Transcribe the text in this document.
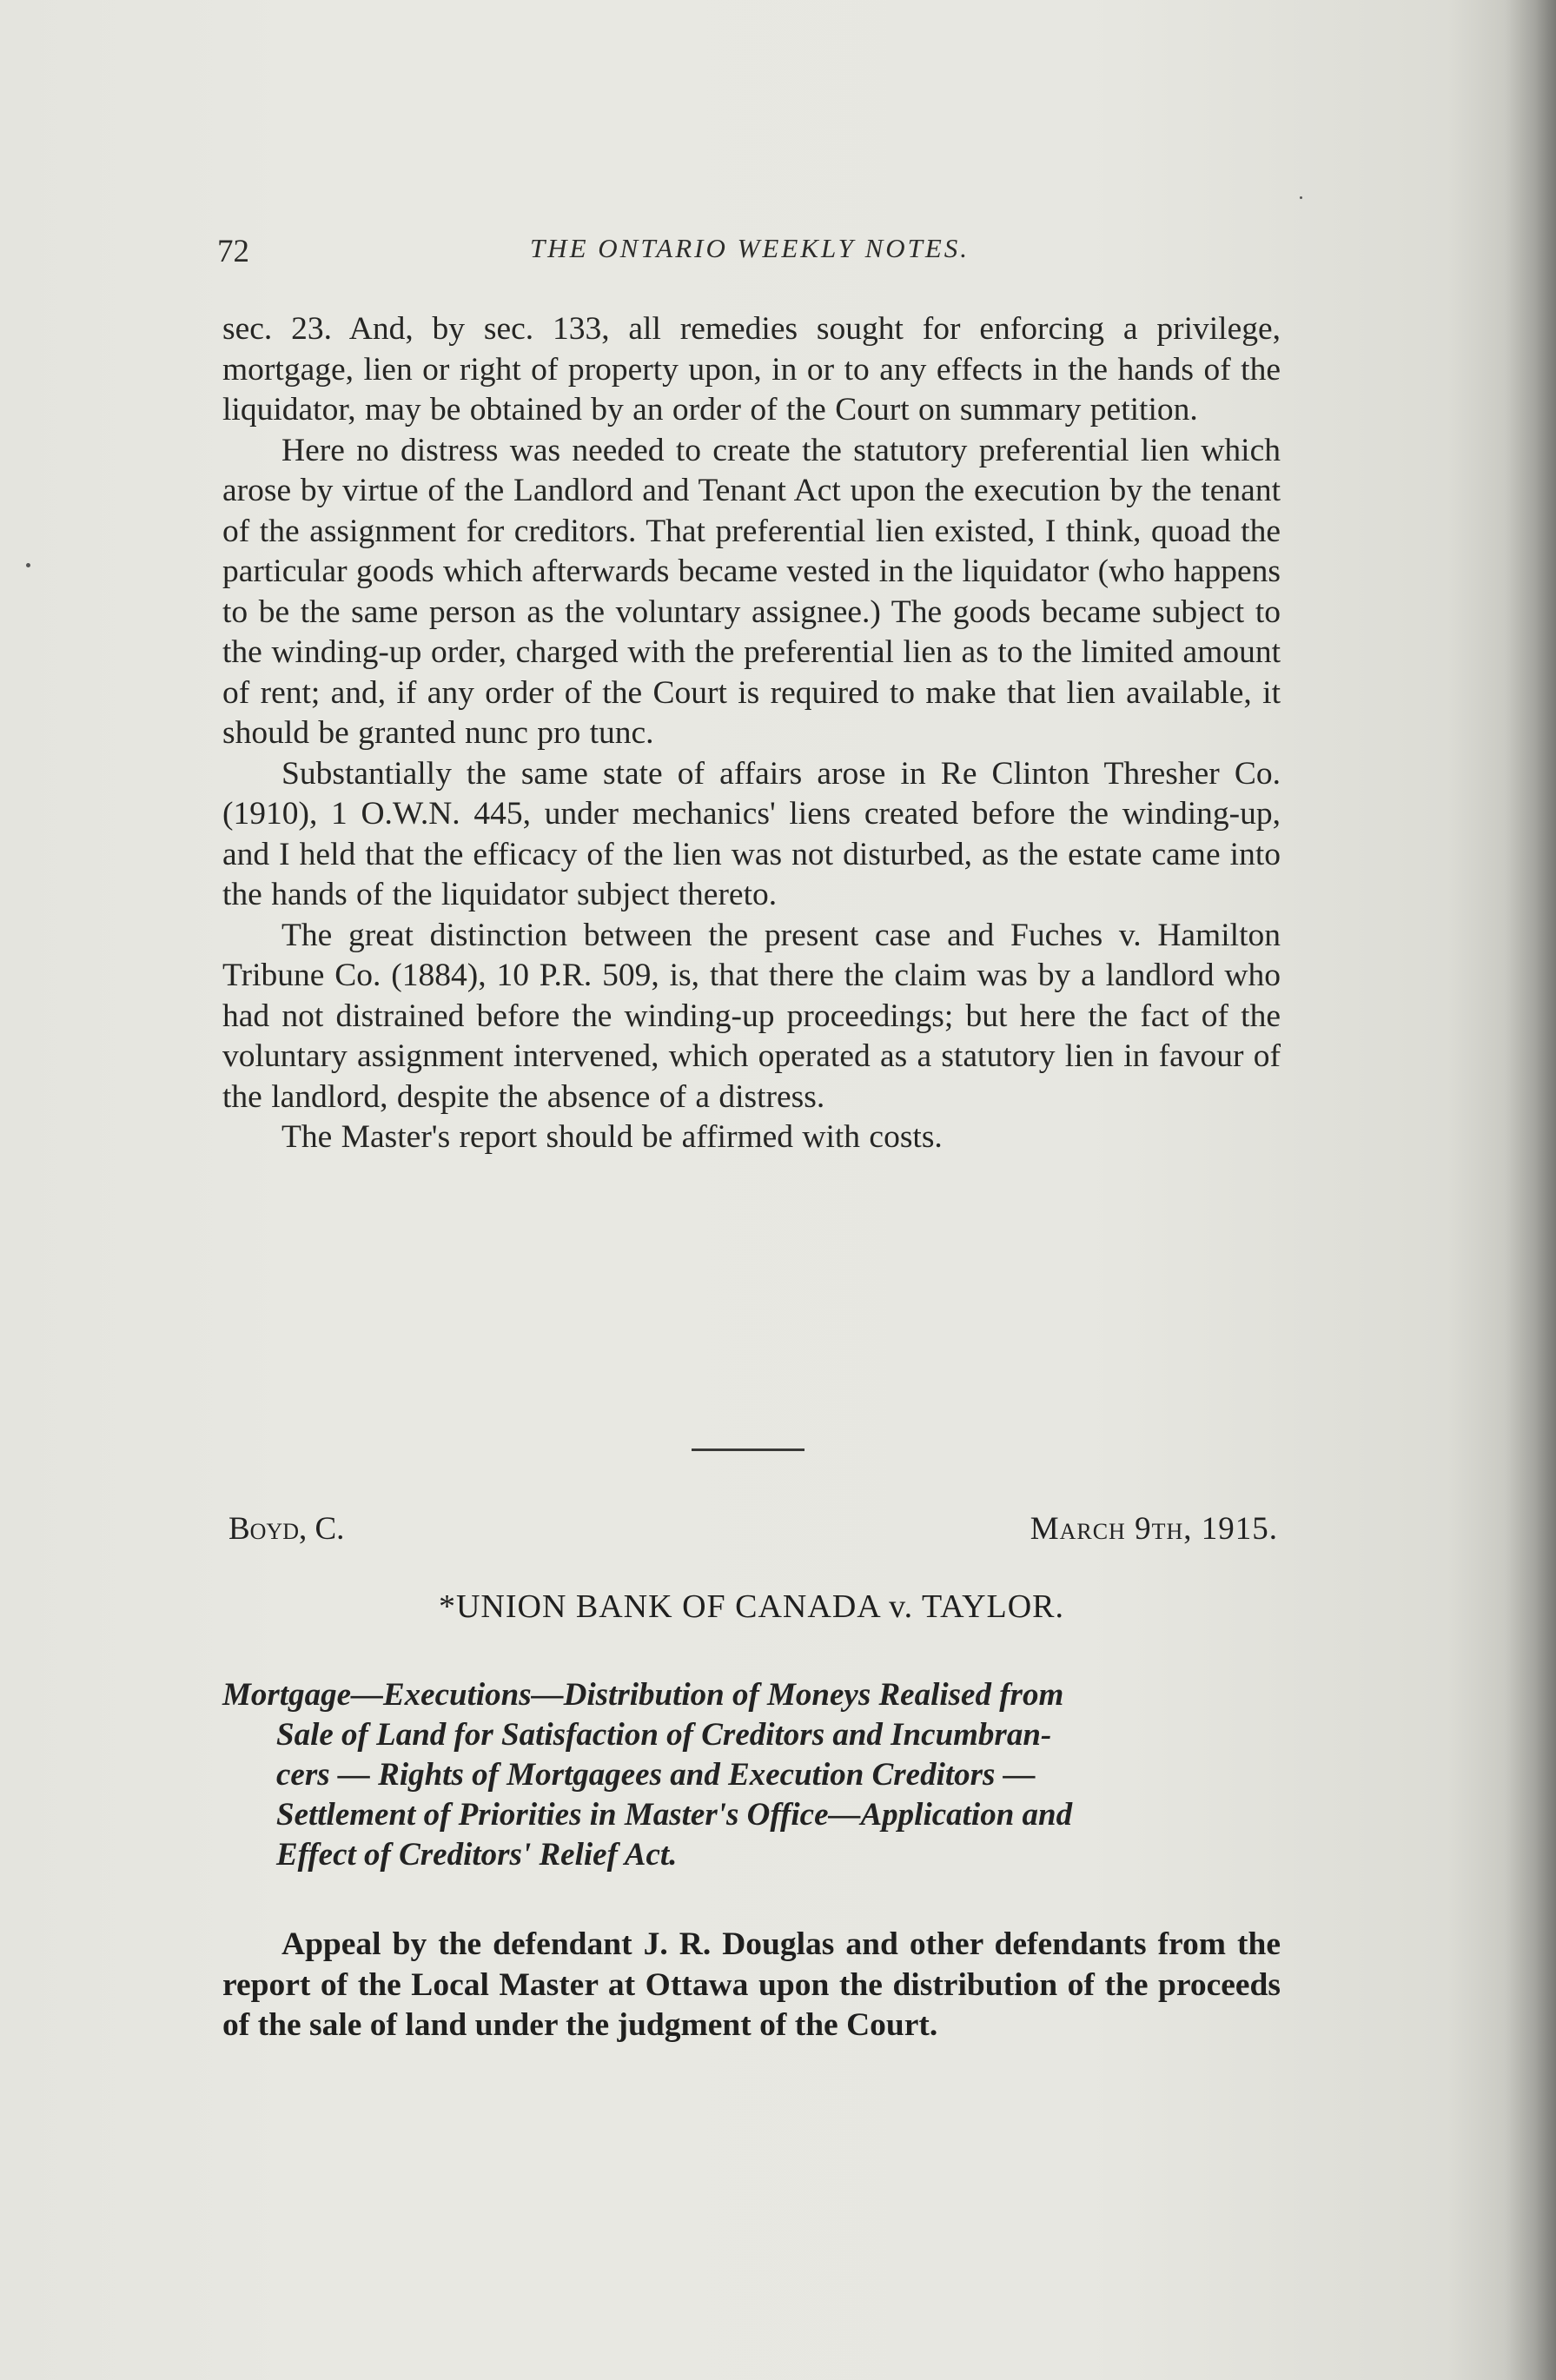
72	THE ONTARIO WEEKLY NOTES.

sec. 23. And, by sec. 133, all remedies sought for enforcing a privilege, mortgage, lien or right of property upon, in or to any effects in the hands of the liquidator, may be obtained by an order of the Court on summary petition.

Here no distress was needed to create the statutory preferential lien which arose by virtue of the Landlord and Tenant Act upon the execution by the tenant of the assignment for creditors. That preferential lien existed, I think, quoad the particular goods which afterwards became vested in the liquidator (who happens to be the same person as the voluntary assignee.) The goods became subject to the winding-up order, charged with the preferential lien as to the limited amount of rent; and, if any order of the Court is required to make that lien available, it should be granted nunc pro tunc.

Substantially the same state of affairs arose in Re Clinton Thresher Co. (1910), 1 O.W.N. 445, under mechanics' liens created before the winding-up, and I held that the efficacy of the lien was not disturbed, as the estate came into the hands of the liquidator subject thereto.

The great distinction between the present case and Fuches v. Hamilton Tribune Co. (1884), 10 P.R. 509, is, that there the claim was by a landlord who had not distrained before the winding-up proceedings; but here the fact of the voluntary assignment intervened, which operated as a statutory lien in favour of the landlord, despite the absence of a distress.

The Master's report should be affirmed with costs.

Boyd, C.	March 9th, 1915.
*UNION BANK OF CANADA v. TAYLOR.
Mortgage—Executions—Distribution of Moneys Realised from
Sale of Land for Satisfaction of Creditors and Incumbran-
cers — Rights of Mortgagees and Execution Creditors —
Settlement of Priorities in Master's Office—Application and
Effect of Creditors' Relief Act.

Appeal by the defendant J. R. Douglas and other defendants from the report of the Local Master at Ottawa upon the distribution of the proceeds of the sale of land under the judgment of the Court.
